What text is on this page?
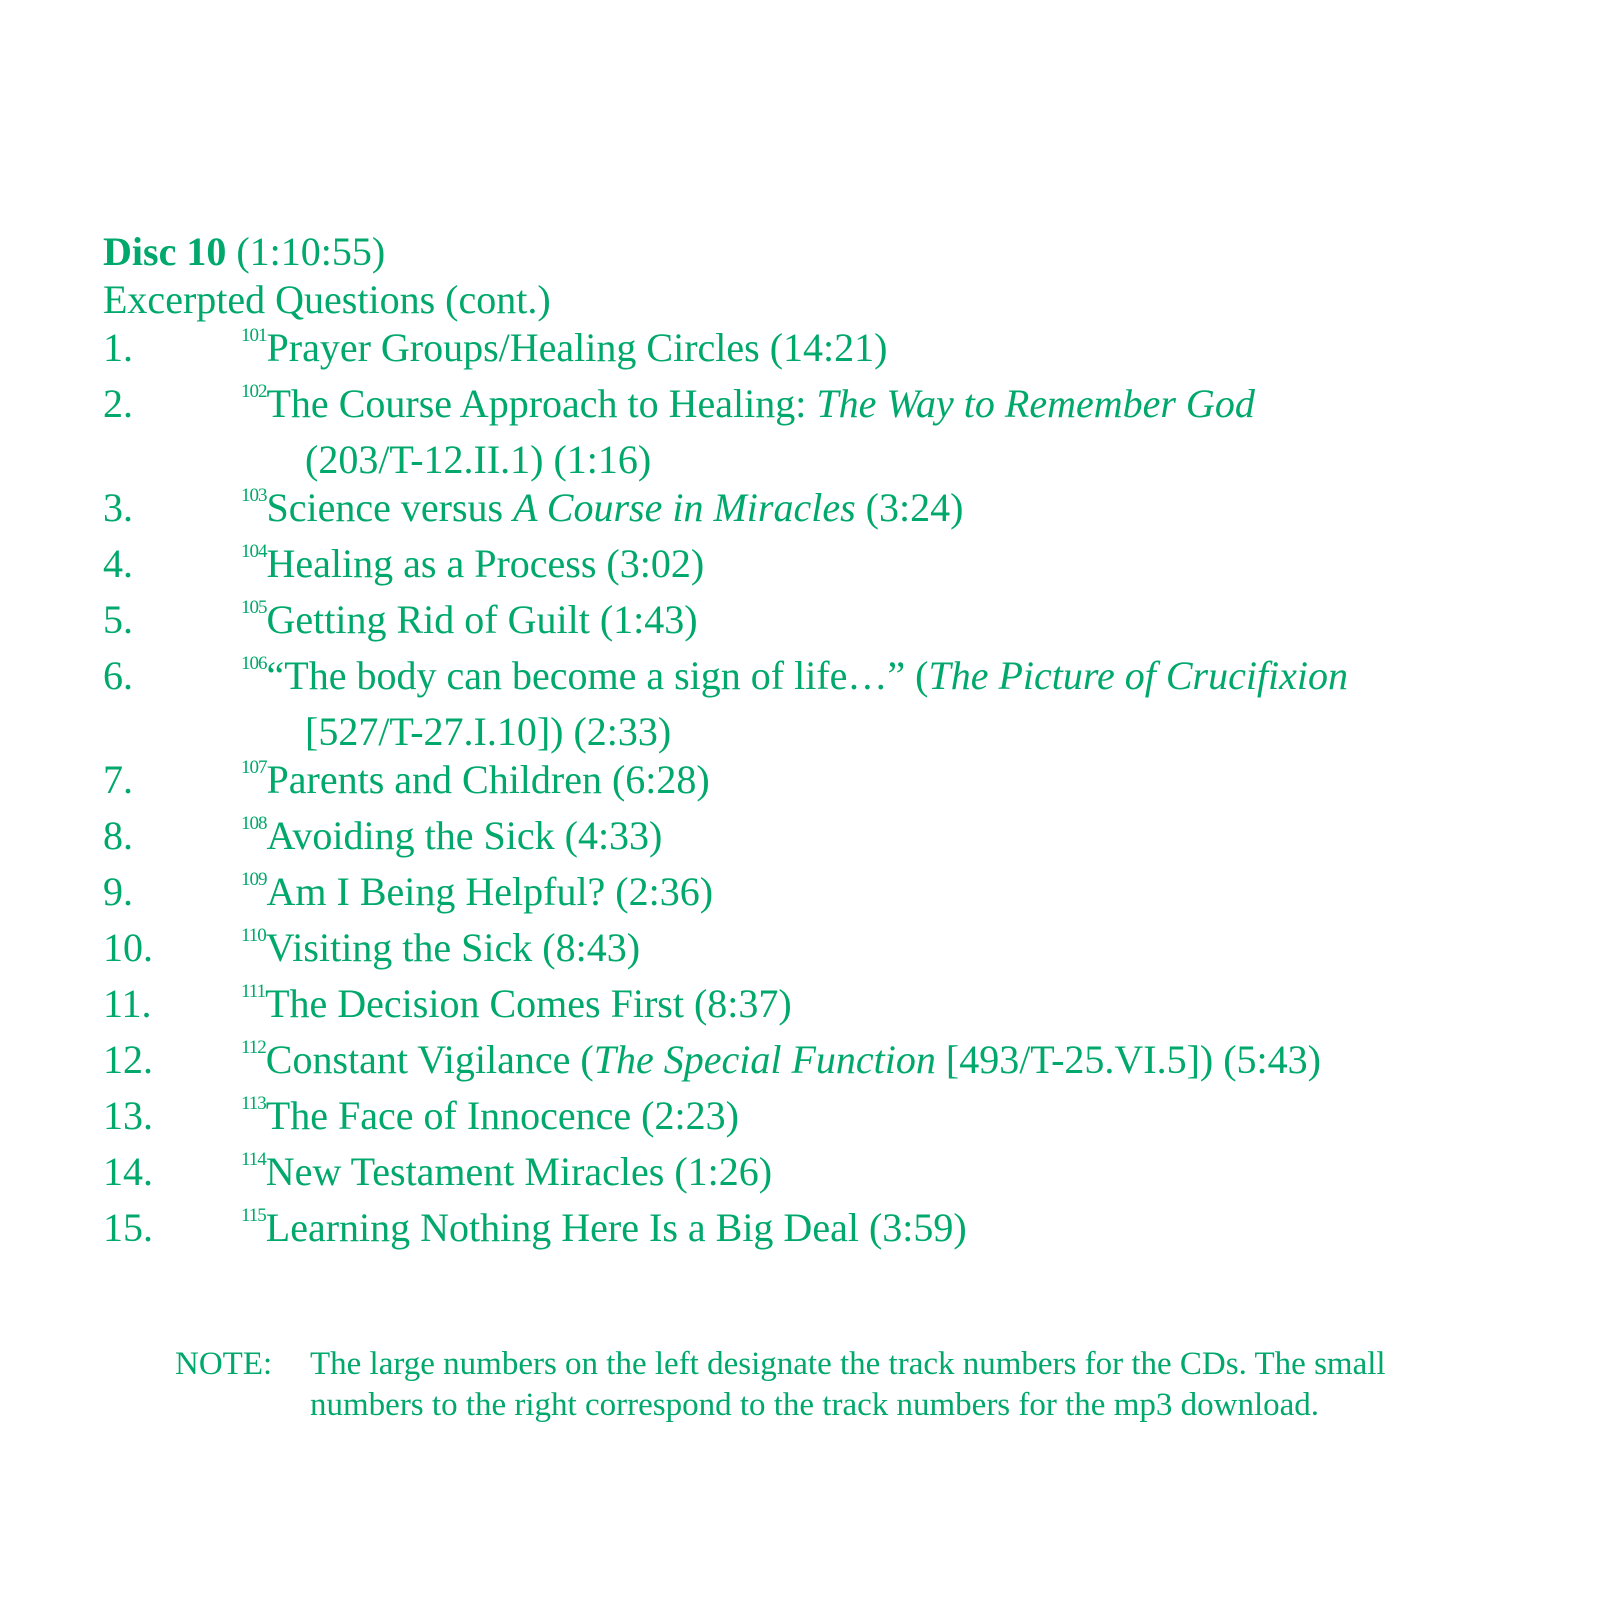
Disc 10 (1:10:55)
Excerpted Questions (cont.)
1.	$^{101}$Prayer Groups/Healing Circles (14:21)
2.	$^{102}$The Course Approach to Healing: The Way to Remember God
(203/T-12.II.1) (1:16)
3.	$^{103}$Science versus A Course in Miracles (3:24)
4.	$^{104}$Healing as a Process (3:02)
5.	$^{105}$Getting Rid of Guilt (1:43)
6.	$^{106}$“The body can become a sign of life…” (The Picture of Crucifixion
[527/T-27.I.10]) (2:33)
7.	$^{107}$Parents and Children (6:28)
8.	$^{108}$Avoiding the Sick (4:33)
9.	$^{109}$Am I Being Helpful? (2:36)
10.	$^{110}$Visiting the Sick (8:43)
11.	$^{111}$The Decision Comes First (8:37)
12.	$^{112}$Constant Vigilance (The Special Function [493/T-25.VI.5]) (5:43)
13.	$^{113}$The Face of Innocence (2:23)
14.	$^{114}$New Testament Miracles (1:26)
15.	$^{115}$Learning Nothing Here Is a Big Deal (3:59)
NOTE: The large numbers on the left designate the track numbers for the CDs. The small
numbers to the right correspond to the track numbers for the mp3 download.
